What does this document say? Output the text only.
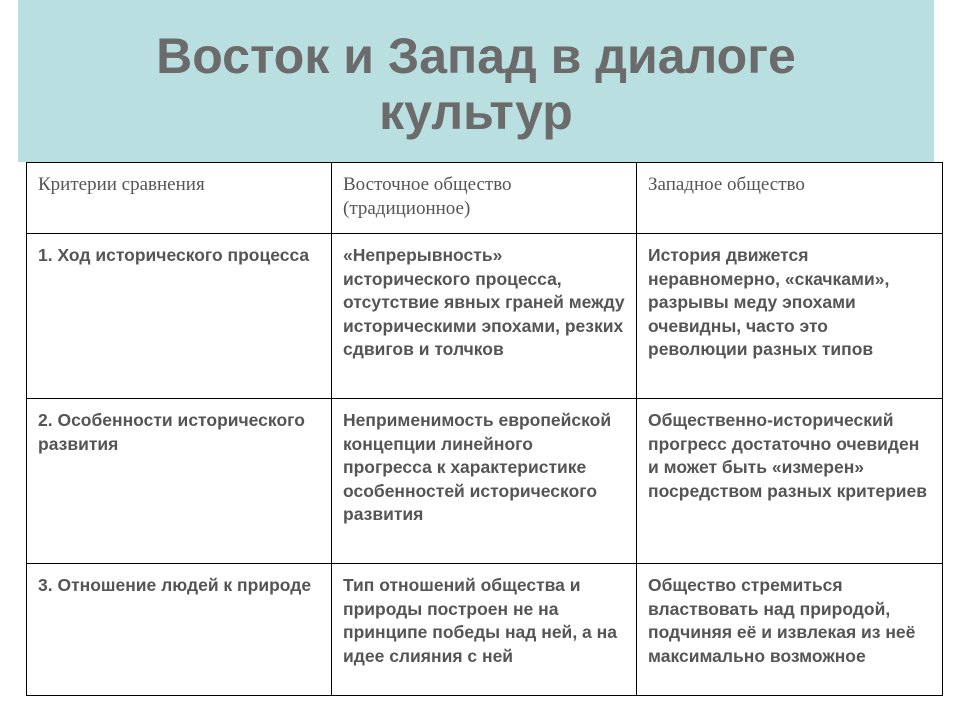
Восток и Запад в диалоге культур
Критерии сравнения	Восточное общество (традиционное)	Западное общество
1. Ход исторического процесса	«Непрерывность» исторического процесса, отсутствие явных граней между историческими эпохами, резких сдвигов и толчков	История движется неравномерно, «скачками», разрывы меду эпохами очевидны, часто это революции разных типов
2. Особенности исторического развития	Неприменимость европейской концепции линейного прогресса к характеристике особенностей исторического развития	Общественно-исторический прогресс достаточно очевиден и может быть «измерен» посредством разных критериев
3. Отношение людей к природе	Тип отношений общества и природы построен не на принципе победы над ней, а на идее слияния с ней	Общество стремиться властвовать над природой, подчиняя её и извлекая из неё максимально возможное
